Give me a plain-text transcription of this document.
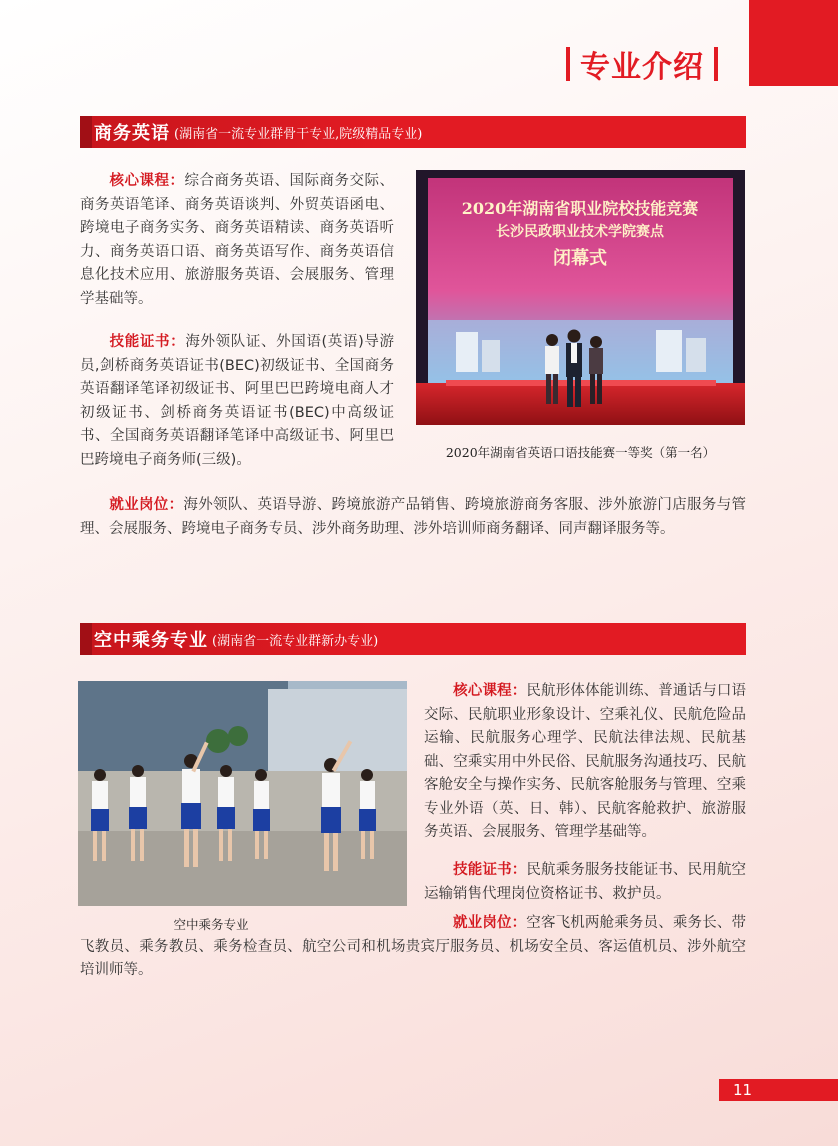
专业介绍
商务英语 (湖南省一流专业群骨干专业,院级精品专业)
核心课程：综合商务英语、国际商务交际、商务英语笔译、商务英语谈判、外贸英语函电、跨境电子商务实务、商务英语精读、商务英语听力、商务英语口语、商务英语写作、商务英语信息化技术应用、旅游服务英语、会展服务、管理学基础等。
技能证书：海外领队证、外国语(英语)导游员,剑桥商务英语证书(BEC)初级证书、全国商务英语翻译笔译初级证书、阿里巴巴跨境电商人才初级证书、剑桥商务英语证书(BEC)中高级证书、全国商务英语翻译笔译中高级证书、阿里巴巴跨境电子商务师(三级)。
就业岗位：海外领队、英语导游、跨境旅游产品销售、跨境旅游商务客服、涉外旅游门店服务与管理、会展服务、跨境电子商务专员、涉外商务助理、涉外培训师商务翻译、同声翻译服务等。
2020年湖南省职业院校技能竞赛
长沙民政职业技术学院赛点
闭幕式
2020年湖南省英语口语技能赛一等奖（第一名）
空中乘务专业 (湖南省一流专业群新办专业)
空中乘务专业
核心课程：民航形体体能训练、普通话与口语交际、民航职业形象设计、空乘礼仪、民航危险品运输、民航服务心理学、民航法律法规、民航基础、空乘实用中外民俗、民航服务沟通技巧、民航客舱安全与操作实务、民航客舱服务与管理、空乘专业外语（英、日、韩）、民航客舱救护、旅游服务英语、会展服务、管理学基础等。
技能证书：民航乘务服务技能证书、民用航空运输销售代理岗位资格证书、救护员。
就业岗位：空客飞机两舱乘务员、乘务长、带飞教员、乘务教员、乘务检查员、航空公司和机场贵宾厅服务员、机场安全员、客运值机员、涉外航空培训师等。
11
